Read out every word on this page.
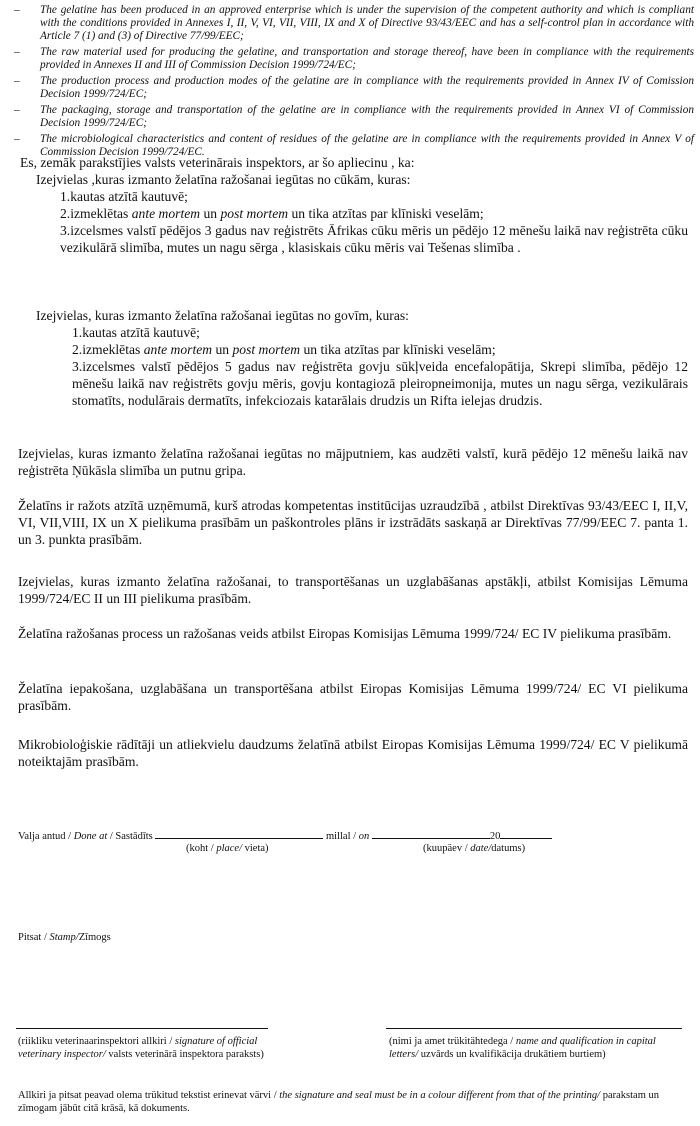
– The gelatine has been produced in an approved enterprise which is under the supervision of the competent authority and which is compliant with the conditions provided in Annexes I, II, V, VI, VII, VIII, IX and X of Directive 93/43/EEC and has a self-control plan in accordance with Article 7 (1) and (3) of Directive 77/99/EEC;
– The raw material used for producing the gelatine, and transportation and storage thereof, have been in compliance with the requirements provided in Annexes II and III of Commission Decision 1999/724/EC;
– The production process and production modes of the gelatine are in compliance with the requirements provided in Annex IV of Comission Decision 1999/724/EC;
– The packaging, storage and transportation of the gelatine are in compliance with the requirements provided in Annex VI of Commission Decision 1999/724/EC;
– The microbiological characteristics and content of residues of the gelatine are in compliance with the requirements provided in Annex V of Commission Decision 1999/724/EC.
Es, zemāk parakstījies valsts veterinārais inspektors, ar šo apliecinu , ka:
Izejvielas ,kuras izmanto želatīna ražošanai iegūtas no cūkām, kuras:
1.kautas atzītā kautuvē;
2.izmeklētas ante mortem un post mortem un tika atzītas par klīniski veselām;
3.izcelsmes valstī pēdējos 3 gadus nav reģistrēts Āfrikas cūku mēris un pēdējo 12 mēnešu laikā nav reģistrēta cūku vezikulārā slimība, mutes un nagu sērga , klasiskais cūku mēris vai Tešenas slimība .
Izejvielas, kuras izmanto želatīna ražošanai iegūtas no govīm, kuras:
1.kautas atzītā kautuvē;
2.izmeklētas ante mortem un post mortem un tika atzītas par klīniski veselām;
3.izcelsmes valstī pēdējos 5 gadus nav reģistrēta govju sūkļveida encefalopātija, Skrepi slimība, pēdējo 12 mēnešu laikā nav reģistrēts govju mēris, govju kontagiozā pleiropneimonija, mutes un nagu sērga, vezikulārais stomatīts, nodulārais dermatīts, infekciozais katarālais drudzis un Rifta ielejas drudzis.
Izejvielas, kuras izmanto želatīna ražošanai iegūtas no mājputniem, kas audzēti valstī, kurā pēdējo 12 mēnešu laikā nav reģistrēta Ņūkāsla slimība un putnu gripa.
Želatīns ir ražots atzītā uzņēmumā, kurš atrodas kompetentas institūcijas uzraudzībā , atbilst Direktīvas 93/43/EEC I, II,V, VI, VII,VIII, IX un X pielikuma prasībām un paškontroles plāns ir izstrādāts saskaņā ar Direktīvas 77/99/EEC 7. panta 1. un 3. punkta prasībām.
Izejvielas, kuras izmanto želatīna ražošanai, to transportēšanas un uzglabāšanas apstākļi, atbilst Komisijas Lēmuma 1999/724/EC II un III pielikuma prasībām.
Želatīna ražošanas process un ražošanas veids atbilst Eiropas Komisijas Lēmuma 1999/724/ EC IV pielikuma prasībām.
Želatīna iepakošana, uzglabāšana un transportēšana atbilst Eiropas Komisijas Lēmuma 1999/724/ EC VI pielikuma prasībām.
Mikrobioloģiskie rādītāji un atliekvielu daudzums želatīnā atbilst Eiropas Komisijas Lēmuma 1999/724/ EC V pielikumā noteiktajām prasībām.
Valja antud / Done at / Sastādīts	millal / on	20
(koht / place/ vieta)	(kuupäev / date/datums)
Pitsat / Stamp/Zīmogs
(riikliku veterinaarinspektori allkiri / signature of official veterinary inspector/ valsts veterinārā inspektora paraksts)
(nimi ja amet trükitähtedega / name and qualification in capital letters/ uzvārds un kvalifikācija drukātiem burtiem)
Allkiri ja pitsat peavad olema trükitud tekstist erinevat värvi / the signature and seal must be in a colour different from that of the printing/ parakstam un zīmogam jābūt citā krāsā, kā dokuments.
